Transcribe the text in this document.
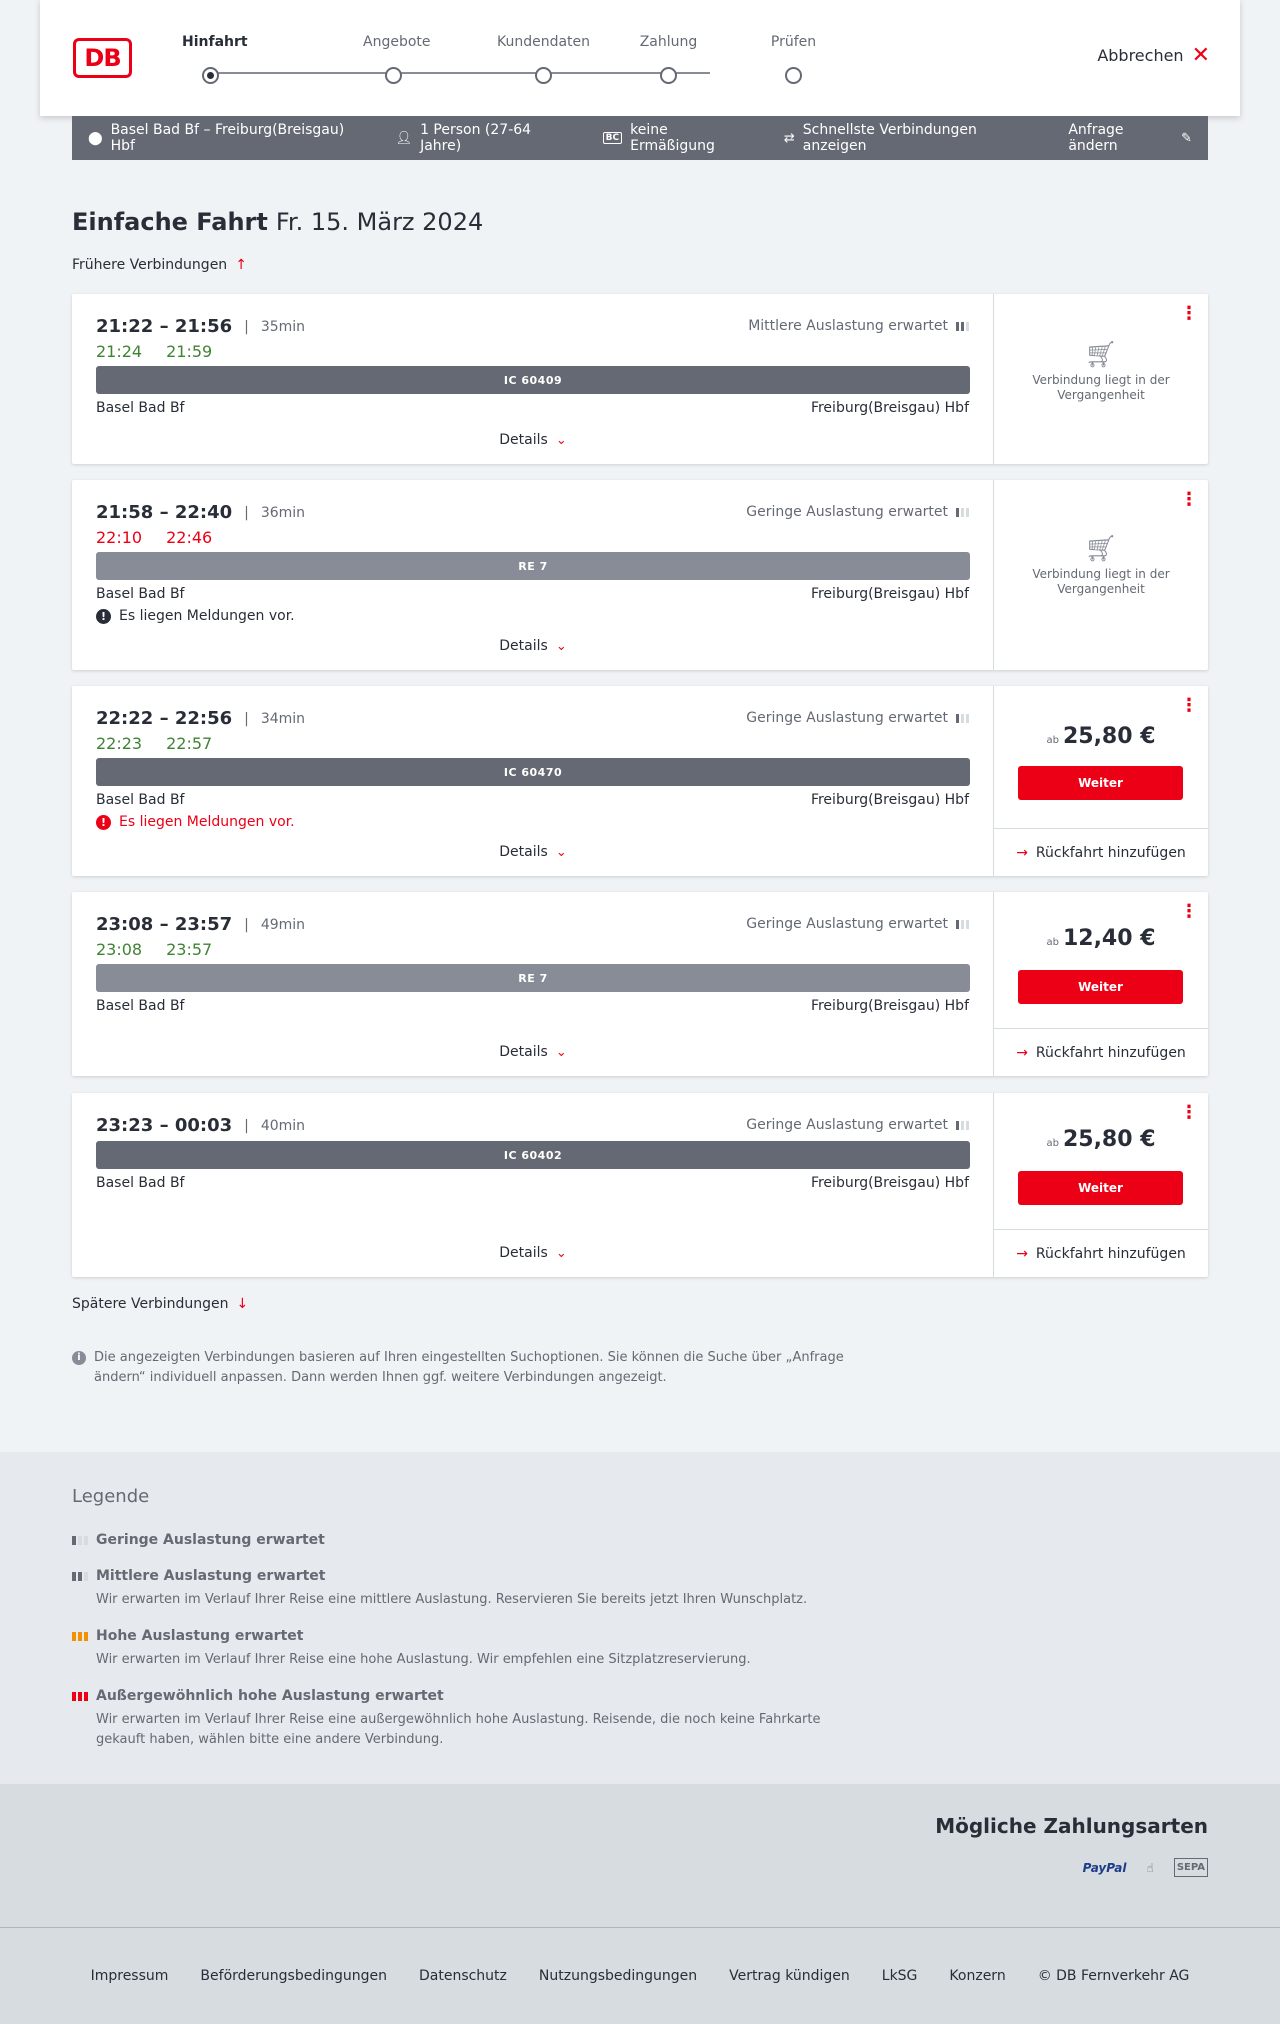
DB
Hinfahrt	Angebote	Kundendaten	Zahlung	Prüfen
Abbrechen ✕
⬤ Basel Bad Bf – Freiburg(Breisgau) Hbf	👤︎ 1 Person (27-64 Jahre)	BC keine Ermäßigung	⇄ Schnellste Verbindungen anzeigen
Anfrage ändern	✎
Einfache Fahrt Fr. 15. März 2024
Frühere Verbindungen ↑
21:22 – 21:56 | 35min
21:24 21:59
Mittlere Auslastung erwartet
IC 60409
Basel Bad Bf	Freiburg(Breisgau) Hbf
Details ⌄
⋮
🛒︎
Verbindung liegt in der Vergangenheit
21:58 – 22:40 | 36min
22:10 22:46
Geringe Auslastung erwartet
RE 7
Basel Bad Bf	Freiburg(Breisgau) Hbf
! Es liegen Meldungen vor.
Details ⌄
⋮
🛒︎
Verbindung liegt in der Vergangenheit
22:22 – 22:56 | 34min
22:23 22:57
Geringe Auslastung erwartet
IC 60470
Basel Bad Bf	Freiburg(Breisgau) Hbf
! Es liegen Meldungen vor.
Details ⌄
⋮
ab 25,80 €
Weiter
→ Rückfahrt hinzufügen
23:08 – 23:57 | 49min
23:08 23:57
Geringe Auslastung erwartet
RE 7
Basel Bad Bf	Freiburg(Breisgau) Hbf
Details ⌄
⋮
ab 12,40 €
Weiter
→ Rückfahrt hinzufügen
23:23 – 00:03 | 40min	Geringe Auslastung erwartet
IC 60402
Basel Bad Bf	Freiburg(Breisgau) Hbf
Details ⌄
⋮
ab 25,80 €
Weiter
→ Rückfahrt hinzufügen
Spätere Verbindungen ↓
i	Die angezeigten Verbindungen basieren auf Ihren eingestellten Suchoptionen. Sie können die Suche über „Anfrage ändern“ individuell anpassen. Dann werden Ihnen ggf. weitere Verbindungen angezeigt.
Legende
Geringe Auslastung erwartet
Mittlere Auslastung erwartet
Wir erwarten im Verlauf Ihrer Reise eine mittlere Auslastung. Reservieren Sie bereits jetzt Ihren Wunschplatz.
Hohe Auslastung erwartet
Wir erwarten im Verlauf Ihrer Reise eine hohe Auslastung. Wir empfehlen eine Sitzplatzreservierung.
Außergewöhnlich hohe Auslastung erwartet
Wir erwarten im Verlauf Ihrer Reise eine außergewöhnlich hohe Auslastung. Reisende, die noch keine Fahrkarte gekauft haben, wählen bitte eine andere Verbindung.
Mögliche Zahlungsarten
PayPal ☝	SEPA
Impressum Beförderungsbedingungen Datenschutz Nutzungsbedingungen Vertrag kündigen LkSG Konzern © DB Fernverkehr AG
